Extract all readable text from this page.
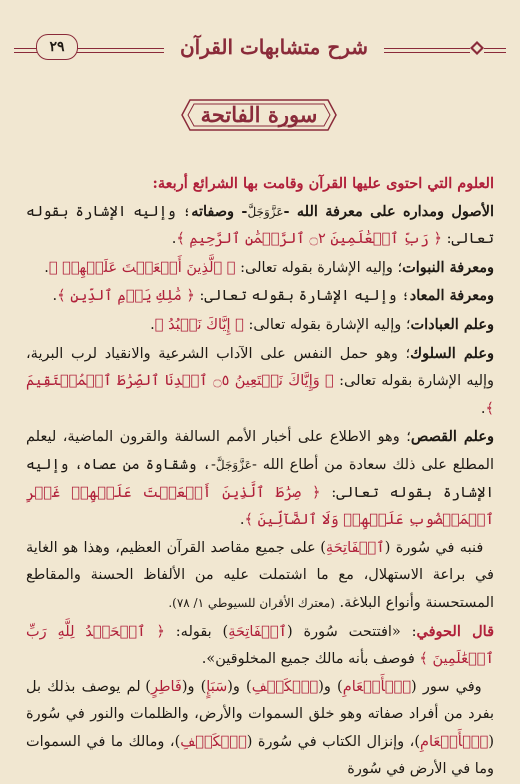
٢٩	شرح متشابهات القرآن
سورة الفاتحة

العلوم التي احتوى عليها القرآن وقامت بها الشرائع أربعة:

الأصول ومداره على معرفة الله -عَزَّوَجَلَّ- وصفاته؛ وإليه الإشارة بقوله تعالى: ﴿ رَبِّ ٱلۡعَٰلَمِينَ ۝٢ ٱلرَّحۡمَٰنِ ٱلرَّحِيمِ ﴾.

ومعرفة النبوات؛ وإليه الإشارة بقوله تعالى: ﴿ ٱلَّذِينَ أَنۡعَمۡتَ عَلَيۡهِمۡ ﴾.

ومعرفة المعاد؛ وإليه الإشارة بقوله تعالى: ﴿ مَٰلِكِ يَوۡمِ ٱلدِّينِ ﴾.

وعلم العبادات؛ وإليه الإشارة بقوله تعالى: ﴿ إِيَّاكَ نَعۡبُدُ ﴾.

وعلم السلوك؛ وهو حمل النفس على الآداب الشرعية والانقياد لرب البرية، وإليه الإشارة بقوله تعالى: ﴿ وَإِيَّاكَ نَسۡتَعِينُ ۝٥ ٱهۡدِنَا ٱلصِّرَٰطَ ٱلۡمُسۡتَقِيمَ ﴾.

وعلم القصص؛ وهو الاطلاع على أخبار الأمم السالفة والقرون الماضية، ليعلم المطلع على ذلك سعادة من أطاع الله -عَزَّوَجَلَّ-، وشقاوة من عصاه، وإليه الإشارة بقوله تعالى: ﴿ صِرَٰطَ ٱلَّذِينَ أَنۡعَمۡتَ عَلَيۡهِمۡ غَيۡرِ ٱلۡمَغۡضُوبِ عَلَيۡهِمۡ وَلَا ٱلضَّآلِّينَ ﴾.

فنبه في سُورة (ٱلۡفَاتِحَةِ) على جميع مقاصد القرآن العظيم، وهذا هو الغاية في براعة الاستهلال، مع ما اشتملت عليه من الألفاظ الحسنة والمقاطع المستحسنة وأنواع البلاغة. (معترك الأقران للسيوطي ١/ ٧٨).

قال الحوفي: «افتتحت سُورة (ٱلۡفَاتِحَةِ) بقوله: ﴿ ٱلۡحَمۡدُ لِلَّهِ رَبِّ ٱلۡعَٰلَمِينَ ﴾ فوصف بأنه مالك جميع المخلوقين».

وفي سور (ٱلۡأَنۡعَامِ) و(ٱلۡكَهۡفِ) و(سَبَإٍ) و(فَاطِرٍ) لم يوصف بذلك بل بفرد من أفراد صفاته وهو خلق السموات والأرض، والظلمات والنور في سُورة (ٱلۡأَنۡعَامِ)، وإنزال الكتاب في سُورة (ٱلۡكَهۡفِ)، ومالك ما في السموات وما في الأرض في سُورة
